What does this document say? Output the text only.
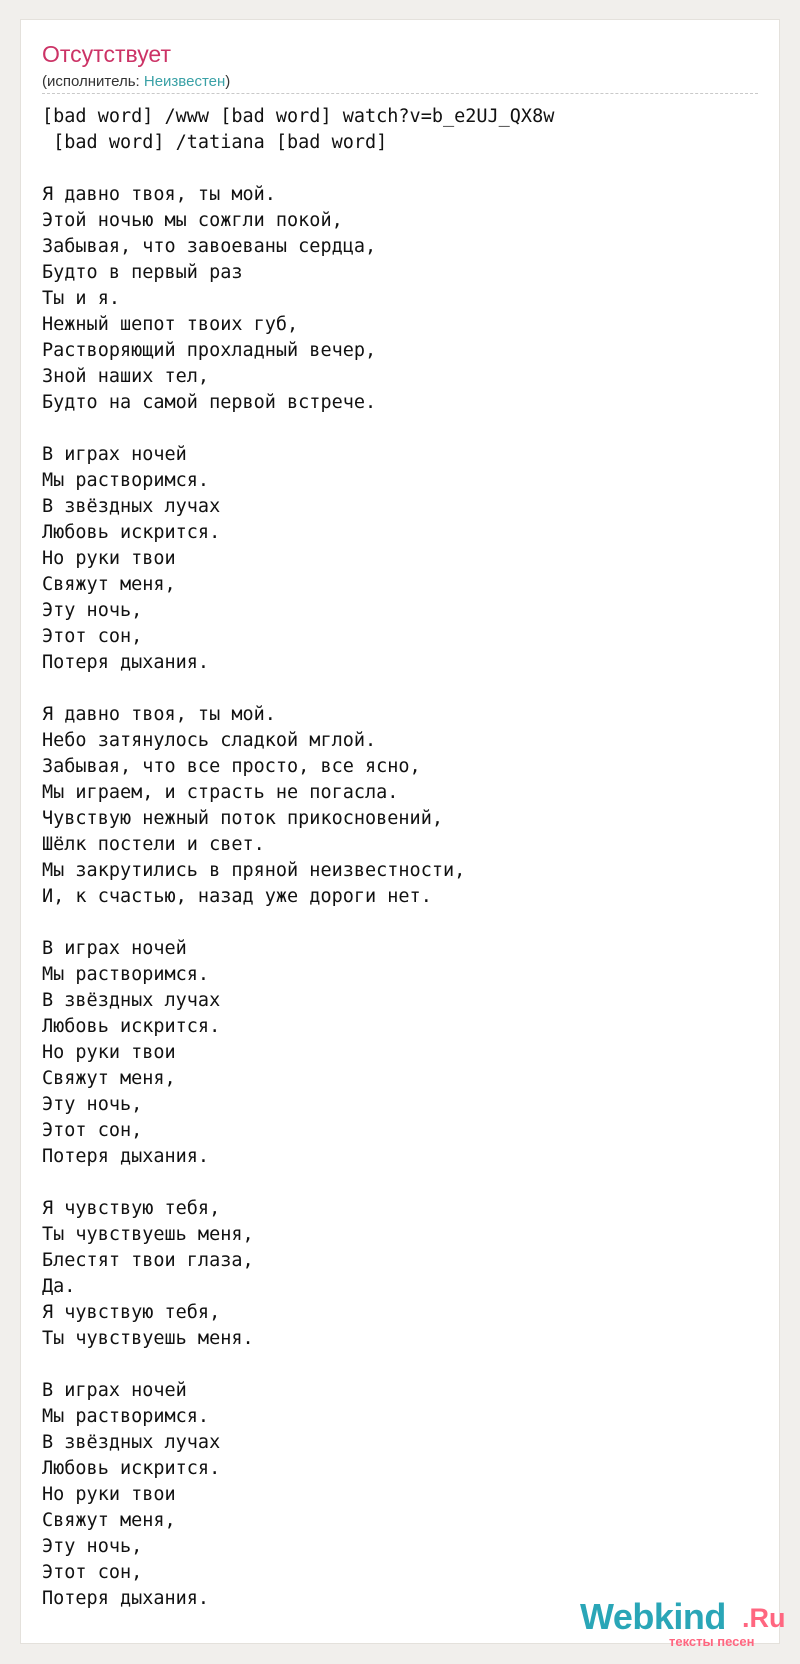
Отсутствует
(исполнитель: Неизвестен)
[bad word] /www [bad word] watch?v=b_e2UJ_QX8w
[bad word] /tatiana [bad word]

Я давно твоя, ты мой.
Этой ночью мы сожгли покой,
Забывая, что завоеваны сердца,
Будто в первый раз
Ты и я.
Нежный шепот твоих губ,
Растворяющий прохладный вечер,
Зной наших тел,
Будто на самой первой встрече.

В играх ночей
Мы растворимся.
В звёздных лучах
Любовь искрится.
Но руки твои
Свяжут меня,
Эту ночь,
Этот сон,
Потеря дыхания.

Я давно твоя, ты мой.
Небо затянулось сладкой мглой.
Забывая, что все просто, все ясно,
Мы играем, и страсть не погасла.
Чувствую нежный поток прикосновений,
Шёлк постели и свет.
Мы закрутились в пряной неизвестности,
И, к счастью, назад уже дороги нет.

В играх ночей
Мы растворимся.
В звёздных лучах
Любовь искрится.
Но руки твои
Свяжут меня,
Эту ночь,
Этот сон,
Потеря дыхания.

Я чувствую тебя,
Ты чувствуешь меня,
Блестят твои глаза,
Да.
Я чувствую тебя,
Ты чувствуешь меня.

В играх ночей
Мы растворимся.
В звёздных лучах
Любовь искрится.
Но руки твои
Свяжут меня,
Эту ночь,
Этот сон,
Потеря дыхания.	Webkind .Ru
тексты песен
